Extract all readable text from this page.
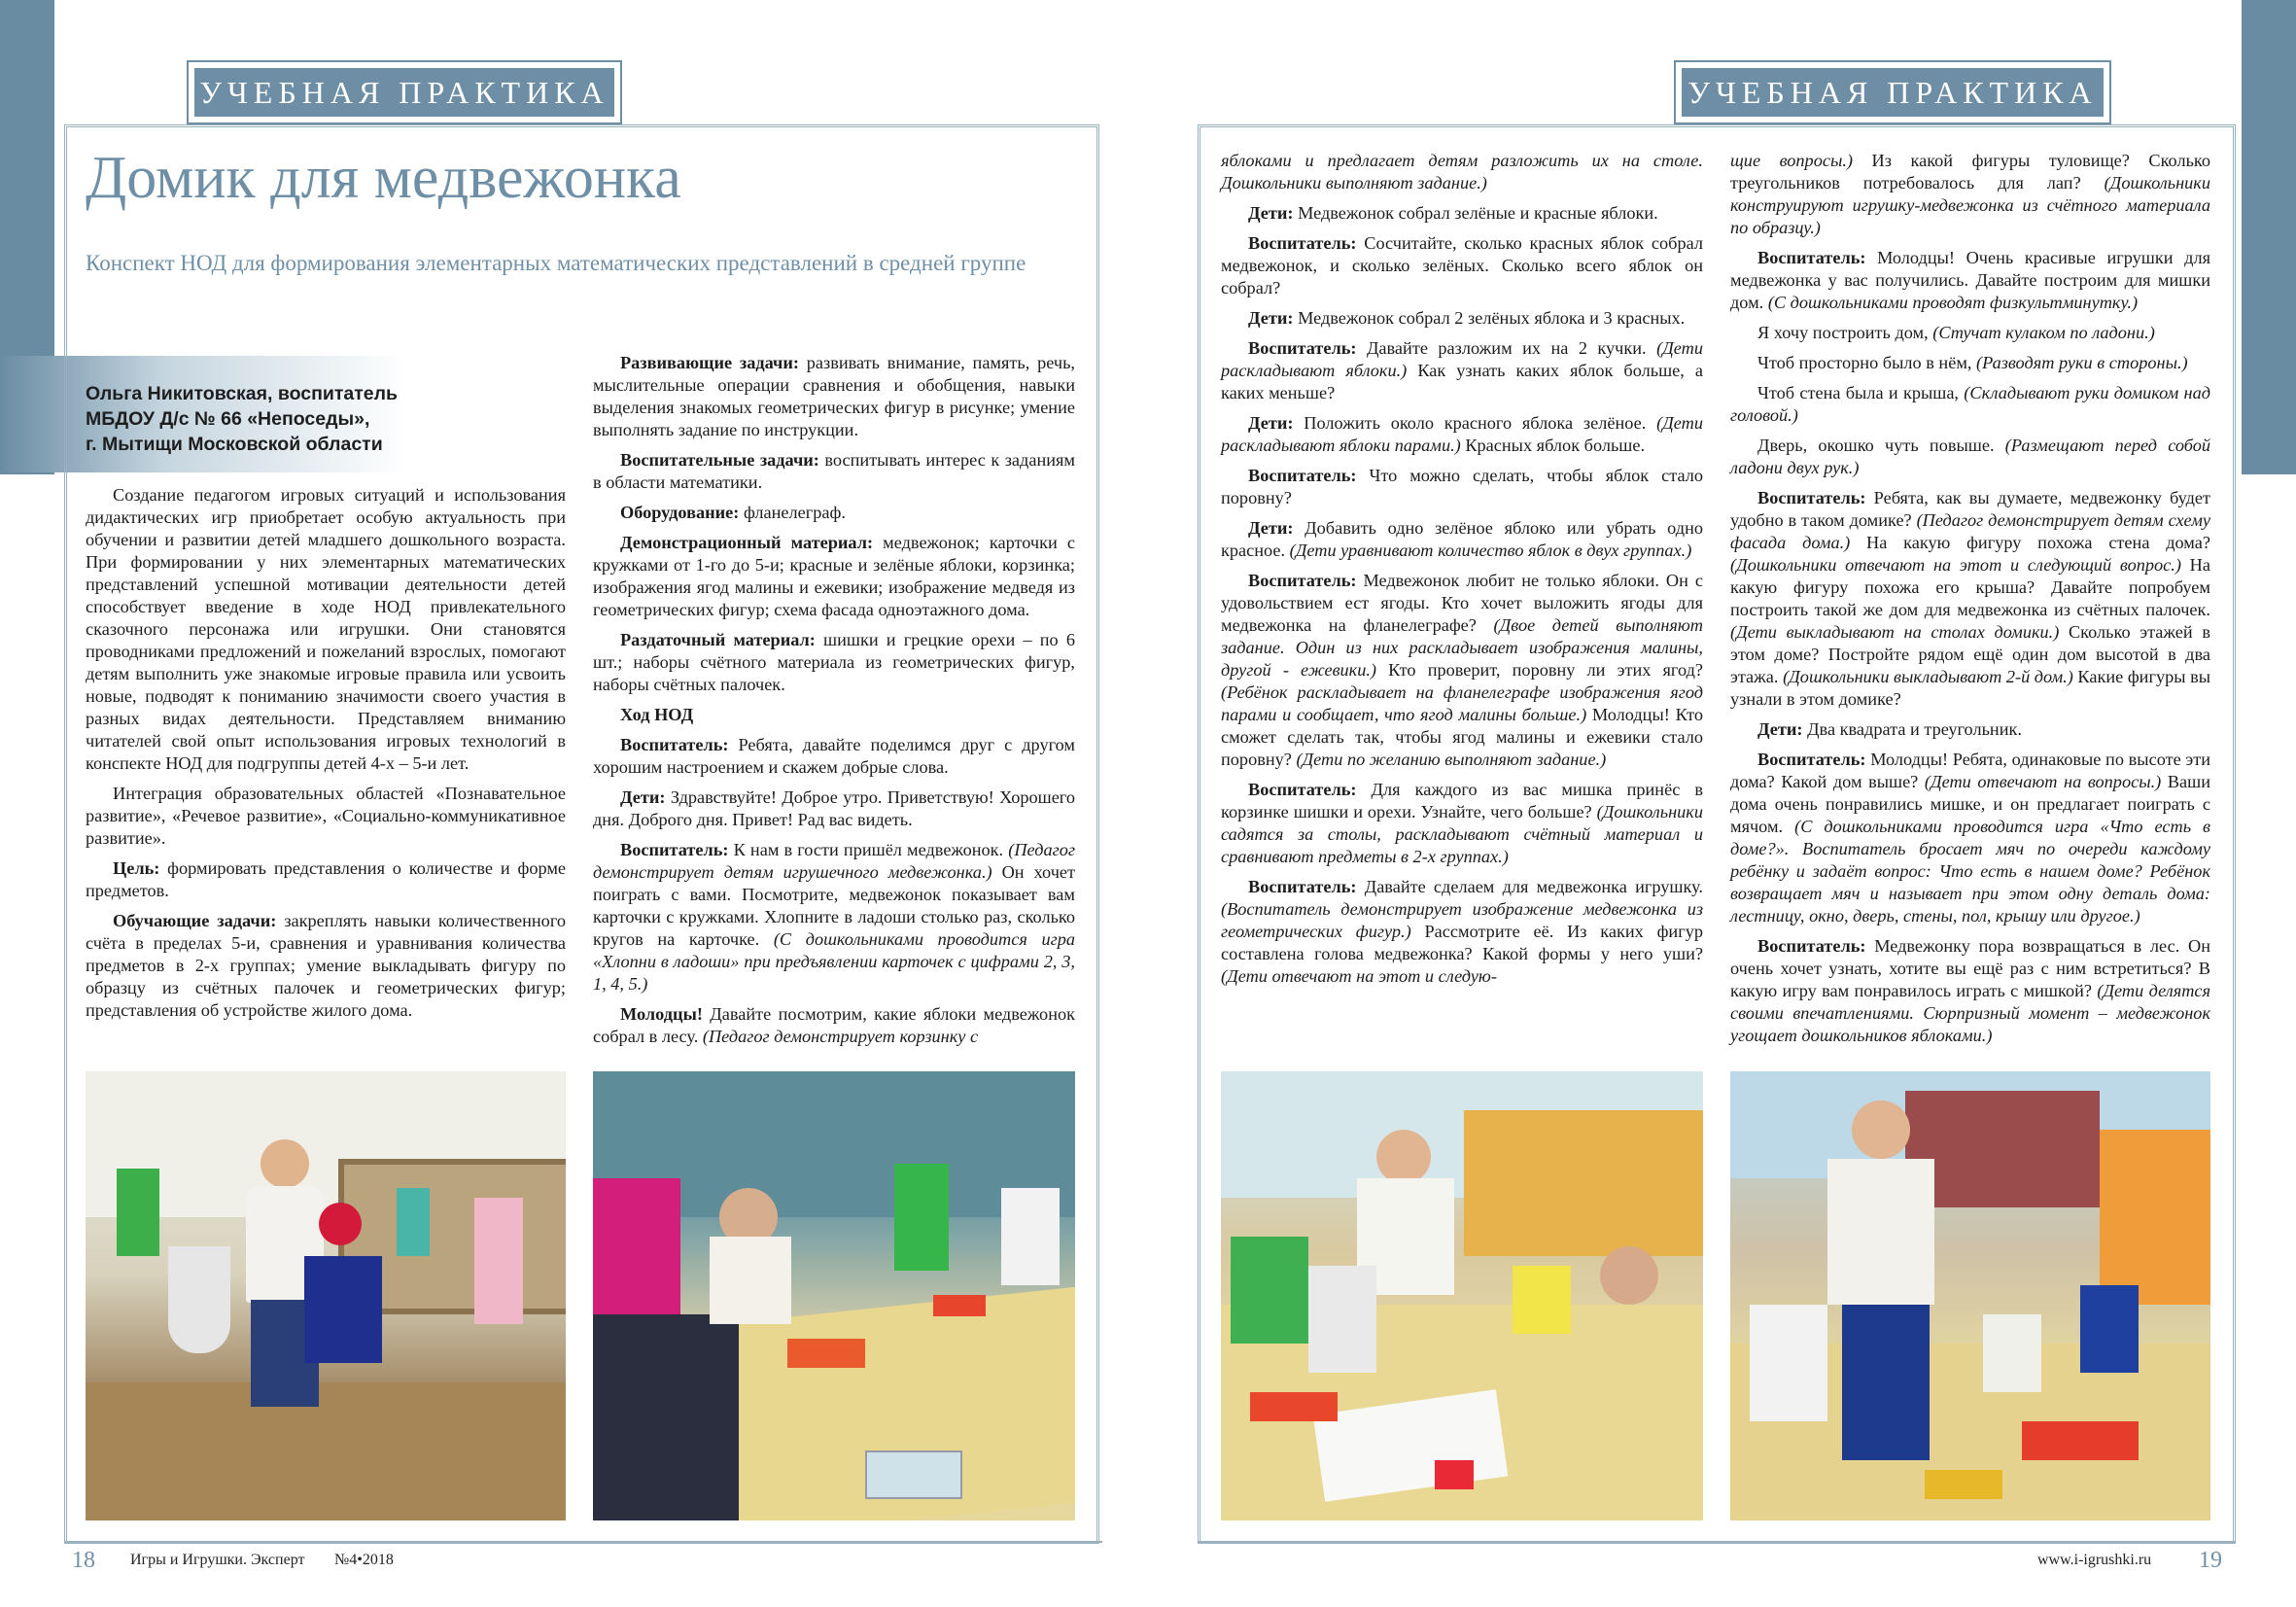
УЧЕБНАЯ ПРАКТИКА	УЧЕБНАЯ ПРАКТИКА
Домик для медвежонка
Конспект НОД для формирования элементарных математических представлений в средней группе
Ольга Никитовская, воспитатель
МБДОУ Д/с № 66 «Непоседы»,
г. Мытищи Московской области

Создание педагогом игровых ситуаций и использования дидактических игр приобретает особую актуальность при обучении и развитии детей младшего дошкольного возраста. При формировании у них элементарных математических представлений успешной мотивации деятельности детей способствует введение в ходе НОД привлекательного сказочного персонажа или игрушки. Они становятся проводниками предложений и пожеланий взрослых, помогают детям выполнить уже знакомые игровые правила или усвоить новые, подводят к пониманию значимости своего участия в разных видах деятельности. Представляем вниманию читателей свой опыт использования игровых технологий в конспекте НОД для подгруппы детей 4-х – 5-и лет.

Интеграция образовательных областей «Познавательное развитие», «Речевое развитие», «Социально-коммуникативное развитие».

Цель: формировать представления о количестве и форме предметов.

Обучающие задачи: закреплять навыки количественного счёта в пределах 5-и, сравнения и уравнивания количества предметов в 2-х группах; умение выкладывать фигуру по образцу из счётных палочек и геометрических фигур; представления об устройстве жилого дома.

Развивающие задачи: развивать внимание, память, речь, мыслительные операции сравнения и обобщения, навыки выделения знакомых геометрических фигур в рисунке; умение выполнять задание по инструкции.

Воспитательные задачи: воспитывать интерес к заданиям в области математики.

Оборудование: фланелеграф.

Демонстрационный материал: медвежонок; карточки с кружками от 1-го до 5-и; красные и зелёные яблоки, корзинка; изображения ягод малины и ежевики; изображение медведя из геометрических фигур; схема фасада одноэтажного дома.

Раздаточный материал: шишки и грецкие орехи – по 6 шт.; наборы счётного материала из геометрических фигур, наборы счётных палочек.

Ход НОД

Воспитатель: Ребята, давайте поделимся друг с другом хорошим настроением и скажем добрые слова.

Дети: Здравствуйте! Доброе утро. Приветствую! Хорошего дня. Доброго дня. Привет! Рад вас видеть.

Воспитатель: К нам в гости пришёл медвежонок. (Педагог демонстрирует детям игрушечного медвежонка.) Он хочет поиграть с вами. Посмотрите, медвежонок показывает вам карточки с кружками. Хлопните в ладоши столько раз, сколько кругов на карточке. (С дошкольниками проводится игра «Хлопни в ладоши» при предъявлении карточек с цифрами 2, 3, 1, 4, 5.)

Молодцы! Давайте посмотрим, какие яблоки медвежонок собрал в лесу. (Педагог демонстрирует корзинку с

яблоками и предлагает детям разложить их на столе. Дошкольники выполняют задание.)

Дети: Медвежонок собрал зелёные и красные яблоки.

Воспитатель: Сосчитайте, сколько красных яблок собрал медвежонок, и сколько зелёных. Сколько всего яблок он собрал?

Дети: Медвежонок собрал 2 зелёных яблока и 3 красных.

Воспитатель: Давайте разложим их на 2 кучки. (Дети раскладывают яблоки.) Как узнать каких яблок больше, а каких меньше?

Дети: Положить около красного яблока зелёное. (Дети раскладывают яблоки парами.) Красных яблок больше.

Воспитатель: Что можно сделать, чтобы яблок стало поровну?

Дети: Добавить одно зелёное яблоко или убрать одно красное. (Дети уравнивают количество яблок в двух группах.)

Воспитатель: Медвежонок любит не только яблоки. Он с удовольствием ест ягоды. Кто хочет выложить ягоды для медвежонка на фланелеграфе? (Двое детей выполняют задание. Один из них раскладывает изображения малины, другой - ежевики.) Кто проверит, поровну ли этих ягод? (Ребёнок раскладывает на фланелеграфе изображения ягод парами и сообщает, что ягод малины больше.) Молодцы! Кто сможет сделать так, чтобы ягод малины и ежевики стало поровну? (Дети по желанию выполняют задание.)

Воспитатель: Для каждого из вас мишка принёс в корзинке шишки и орехи. Узнайте, чего больше? (Дошкольники садятся за столы, раскладывают счётный материал и сравнивают предметы в 2-х группах.)

Воспитатель: Давайте сделаем для медвежонка игрушку. (Воспитатель демонстрирует изображение медвежонка из геометрических фигур.) Рассмотрите её. Из каких фигур составлена голова медвежонка? Какой формы у него уши? (Дети отвечают на этот и следую-

щие вопросы.) Из какой фигуры туловище? Сколько треугольников потребовалось для лап? (Дошкольники конструируют игрушку-медвежонка из счётного материала по образцу.)

Воспитатель: Молодцы! Очень красивые игрушки для медвежонка у вас получились. Давайте построим для мишки дом. (С дошкольниками проводят физкультминутку.)

Я хочу построить дом, (Стучат кулаком по ладони.)

Чтоб просторно было в нём, (Разводят руки в стороны.)

Чтоб стена была и крыша, (Складывают руки домиком над головой.)

Дверь, окошко чуть повыше. (Размещают перед собой ладони двух рук.)

Воспитатель: Ребята, как вы думаете, медвежонку будет удобно в таком домике? (Педагог демонстрирует детям схему фасада дома.) На какую фигуру похожа стена дома? (Дошкольники отвечают на этот и следующий вопрос.) На какую фигуру похожа его крыша? Давайте попробуем построить такой же дом для медвежонка из счётных палочек. (Дети выкладывают на столах домики.) Сколько этажей в этом доме? Постройте рядом ещё один дом высотой в два этажа. (Дошкольники выкладывают 2-й дом.) Какие фигуры вы узнали в этом домике?

Дети: Два квадрата и треугольник.

Воспитатель: Молодцы! Ребята, одинаковые по высоте эти дома? Какой дом выше? (Дети отвечают на вопросы.) Ваши дома очень понравились мишке, и он предлагает поиграть с мячом. (С дошкольниками проводится игра «Что есть в доме?». Воспитатель бросает мяч по очереди каждому ребёнку и задаёт вопрос: Что есть в нашем доме? Ребёнок возвращает мяч и называет при этом одну деталь дома: лестницу, окно, дверь, стены, пол, крышу или другое.)

Воспитатель: Медвежонку пора возвращаться в лес. Он очень хочет узнать, хотите вы ещё раз с ним встретиться? В какую игру вам понравилось играть с мишкой? (Дети делятся своими впечатлениями. Сюрпризный момент – медвежонок угощает дошкольников яблоками.)

18 Игры и Игрушки. Эксперт №4•2018	www.i-igrushki.ru 19
